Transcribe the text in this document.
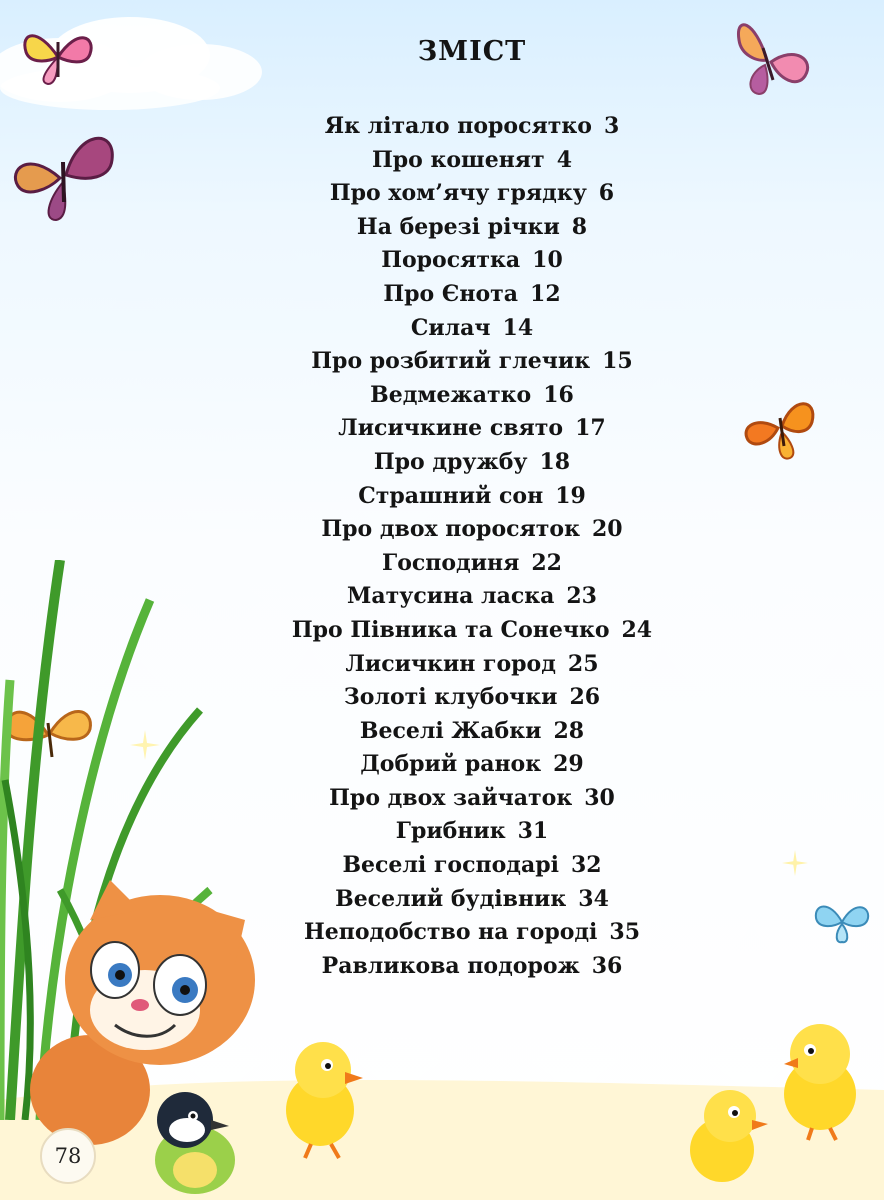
ЗМІСТ
Як літало поросятко 3
Про кошенят 4
Про хом’ячу грядку 6
На березі річки 8
Поросятка 10
Про Єнота 12
Силач 14
Про розбитий глечик 15
Ведмежатко 16
Лисичкине свято 17
Про дружбу 18
Страшний сон 19
Про двох поросяток 20
Господиня 22
Матусина ласка 23
Про Півника та Сонечко 24
Лисичкин город 25
Золоті клубочки 26
Веселі Жабки 28
Добрий ранок 29
Про двох зайчаток 30
Грибник 31
Веселі господарі 32
Веселий будівник 34
Неподобство на городі 35
Равликова подорож 36
78
